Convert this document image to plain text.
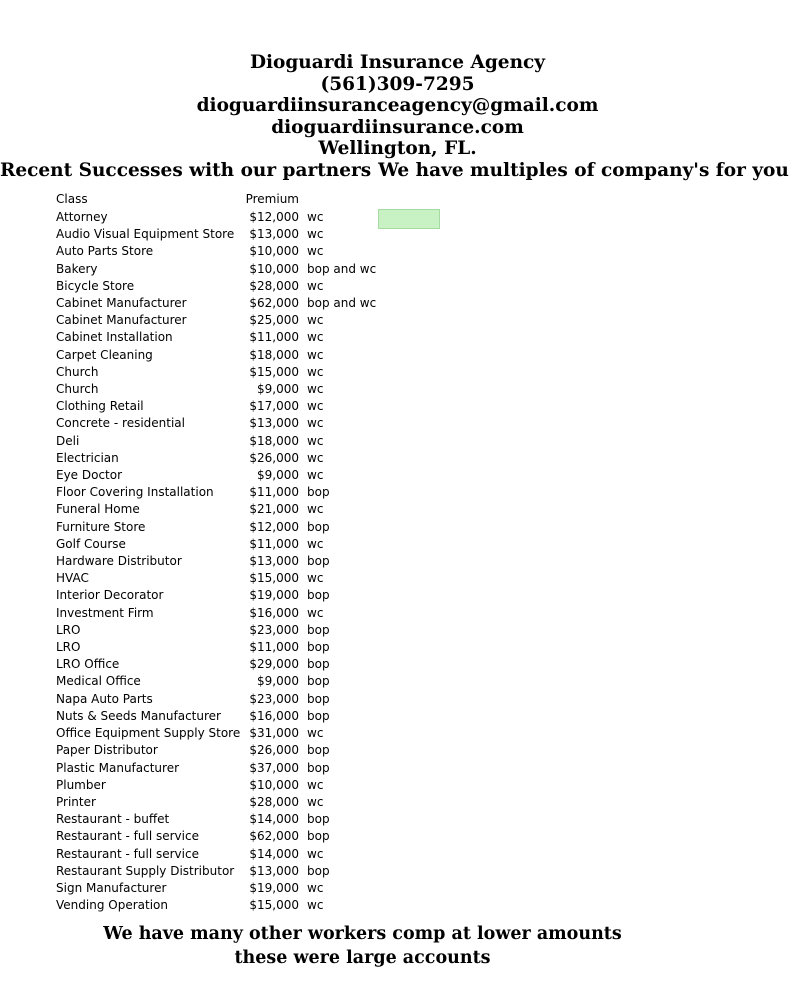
Dioguardi Insurance Agency
(561)309-7295
dioguardiinsuranceagency@gmail.com
dioguardiinsurance.com
Wellington, FL.
Recent Successes with our partners We have multiples of company's for you
Class	Premium	
Attorney	$12,000	wc
Audio Visual Equipment Store	$13,000	wc
Auto Parts Store	$10,000	wc
Bakery	$10,000	bop and wc
Bicycle Store	$28,000	wc
Cabinet Manufacturer	$62,000	bop and wc
Cabinet Manufacturer	$25,000	wc
Cabinet Installation	$11,000	wc
Carpet Cleaning	$18,000	wc
Church	$15,000	wc
Church	$9,000	wc
Clothing Retail	$17,000	wc
Concrete - residential	$13,000	wc
Deli	$18,000	wc
Electrician	$26,000	wc
Eye Doctor	$9,000	wc
Floor Covering Installation	$11,000	bop
Funeral Home	$21,000	wc
Furniture Store	$12,000	bop
Golf Course	$11,000	wc
Hardware Distributor	$13,000	bop
HVAC	$15,000	wc
Interior Decorator	$19,000	bop
Investment Firm	$16,000	wc
LRO	$23,000	bop
LRO	$11,000	bop
LRO Office	$29,000	bop
Medical Office	$9,000	bop
Napa Auto Parts	$23,000	bop
Nuts & Seeds Manufacturer	$16,000	bop
Office Equipment Supply Store	$31,000	wc
Paper Distributor	$26,000	bop
Plastic Manufacturer	$37,000	bop
Plumber	$10,000	wc
Printer	$28,000	wc
Restaurant - buffet	$14,000	bop
Restaurant - full service	$62,000	bop
Restaurant - full service	$14,000	wc
Restaurant Supply Distributor	$13,000	bop
Sign Manufacturer	$19,000	wc
Vending Operation	$15,000	wc
We have many other workers comp at lower amounts
these were large accounts
